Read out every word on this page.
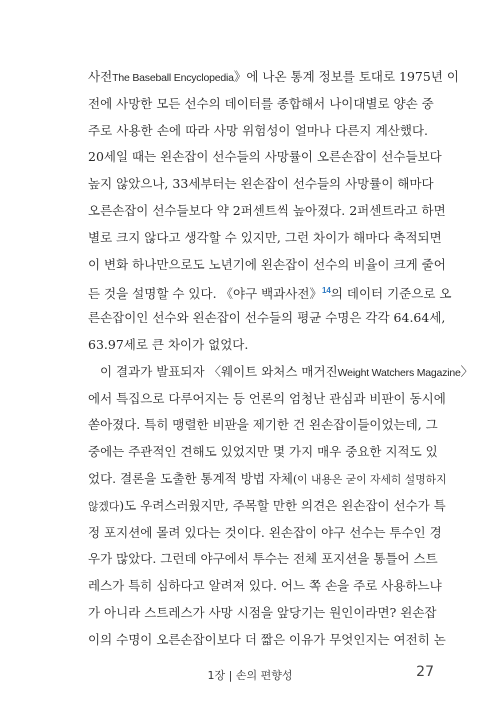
사전The Baseball Encyclopedia》에 나온 통계 정보를 토대로 1975년 이
전에 사망한 모든 선수의 데이터를 종합해서 나이대별로 양손 중
주로 사용한 손에 따라 사망 위험성이 얼마나 다른지 계산했다.
20세일 때는 왼손잡이 선수들의 사망률이 오른손잡이 선수들보다
높지 않았으나, 33세부터는 왼손잡이 선수들의 사망률이 해마다
오른손잡이 선수들보다 약 2퍼센트씩 높아졌다. 2퍼센트라고 하면
별로 크지 않다고 생각할 수 있지만, 그런 차이가 해마다 축적되면
이 변화 하나만으로도 노년기에 왼손잡이 선수의 비율이 크게 줄어
든 것을 설명할 수 있다. 《야구 백과사전》$^{14}$의 데이터 기준으로 오
른손잡이인 선수와 왼손잡이 선수들의 평균 수명은 각각 64.64세,
63.97세로 큰 차이가 없었다.
이 결과가 발표되자 〈웨이트 와처스 매거진Weight Watchers Magazine〉
에서 특집으로 다루어지는 등 언론의 엄청난 관심과 비판이 동시에
쏟아졌다. 특히 맹렬한 비판을 제기한 건 왼손잡이들이었는데, 그
중에는 주관적인 견해도 있었지만 몇 가지 매우 중요한 지적도 있
었다. 결론을 도출한 통계적 방법 자체(이 내용은 굳이 자세히 설명하지
않겠다)도 우려스러웠지만, 주목할 만한 의견은 왼손잡이 선수가 특
정 포지션에 몰려 있다는 것이다. 왼손잡이 야구 선수는 투수인 경
우가 많았다. 그런데 야구에서 투수는 전체 포지션을 통틀어 스트
레스가 특히 심하다고 알려져 있다. 어느 쪽 손을 주로 사용하느냐
가 아니라 스트레스가 사망 시점을 앞당기는 원인이라면? 왼손잡
이의 수명이 오른손잡이보다 더 짧은 이유가 무엇인지는 여전히 논
1장 | 손의 편향성	27
